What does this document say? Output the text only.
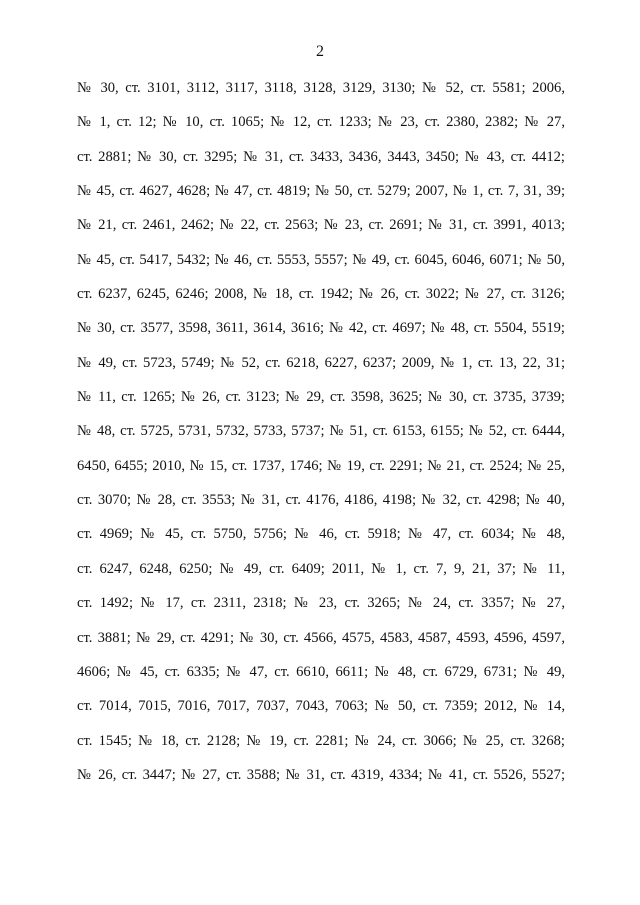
2
№ 30, ст. 3101, 3112, 3117, 3118, 3128, 3129, 3130; № 52, ст. 5581; 2006,
№ 1, ст. 12; № 10, ст. 1065; № 12, ст. 1233; № 23, ст. 2380, 2382; № 27,
ст. 2881; № 30, ст. 3295; № 31, ст. 3433, 3436, 3443, 3450; № 43, ст. 4412;
№ 45, ст. 4627, 4628; № 47, ст. 4819; № 50, ст. 5279; 2007, № 1, ст. 7, 31, 39;
№ 21, ст. 2461, 2462; № 22, ст. 2563; № 23, ст. 2691; № 31, ст. 3991, 4013;
№ 45, ст. 5417, 5432; № 46, ст. 5553, 5557; № 49, ст. 6045, 6046, 6071; № 50,
ст. 6237, 6245, 6246; 2008, № 18, ст. 1942; № 26, ст. 3022; № 27, ст. 3126;
№ 30, ст. 3577, 3598, 3611, 3614, 3616; № 42, ст. 4697; № 48, ст. 5504, 5519;
№ 49, ст. 5723, 5749; № 52, ст. 6218, 6227, 6237; 2009, № 1, ст. 13, 22, 31;
№ 11, ст. 1265; № 26, ст. 3123; № 29, ст. 3598, 3625; № 30, ст. 3735, 3739;
№ 48, ст. 5725, 5731, 5732, 5733, 5737; № 51, ст. 6153, 6155; № 52, ст. 6444,
6450, 6455; 2010, № 15, ст. 1737, 1746; № 19, ст. 2291; № 21, ст. 2524; № 25,
ст. 3070; № 28, ст. 3553; № 31, ст. 4176, 4186, 4198; № 32, ст. 4298; № 40,
ст. 4969; № 45, ст. 5750, 5756; № 46, ст. 5918; № 47, ст. 6034; № 48,
ст. 6247, 6248, 6250; № 49, ст. 6409; 2011, № 1, ст. 7, 9, 21, 37; № 11,
ст. 1492; № 17, ст. 2311, 2318; № 23, ст. 3265; № 24, ст. 3357; № 27,
ст. 3881; № 29, ст. 4291; № 30, ст. 4566, 4575, 4583, 4587, 4593, 4596, 4597,
4606; № 45, ст. 6335; № 47, ст. 6610, 6611; № 48, ст. 6729, 6731; № 49,
ст. 7014, 7015, 7016, 7017, 7037, 7043, 7063; № 50, ст. 7359; 2012, № 14,
ст. 1545; № 18, ст. 2128; № 19, ст. 2281; № 24, ст. 3066; № 25, ст. 3268;
№ 26, ст. 3447; № 27, ст. 3588; № 31, ст. 4319, 4334; № 41, ст. 5526, 5527;
